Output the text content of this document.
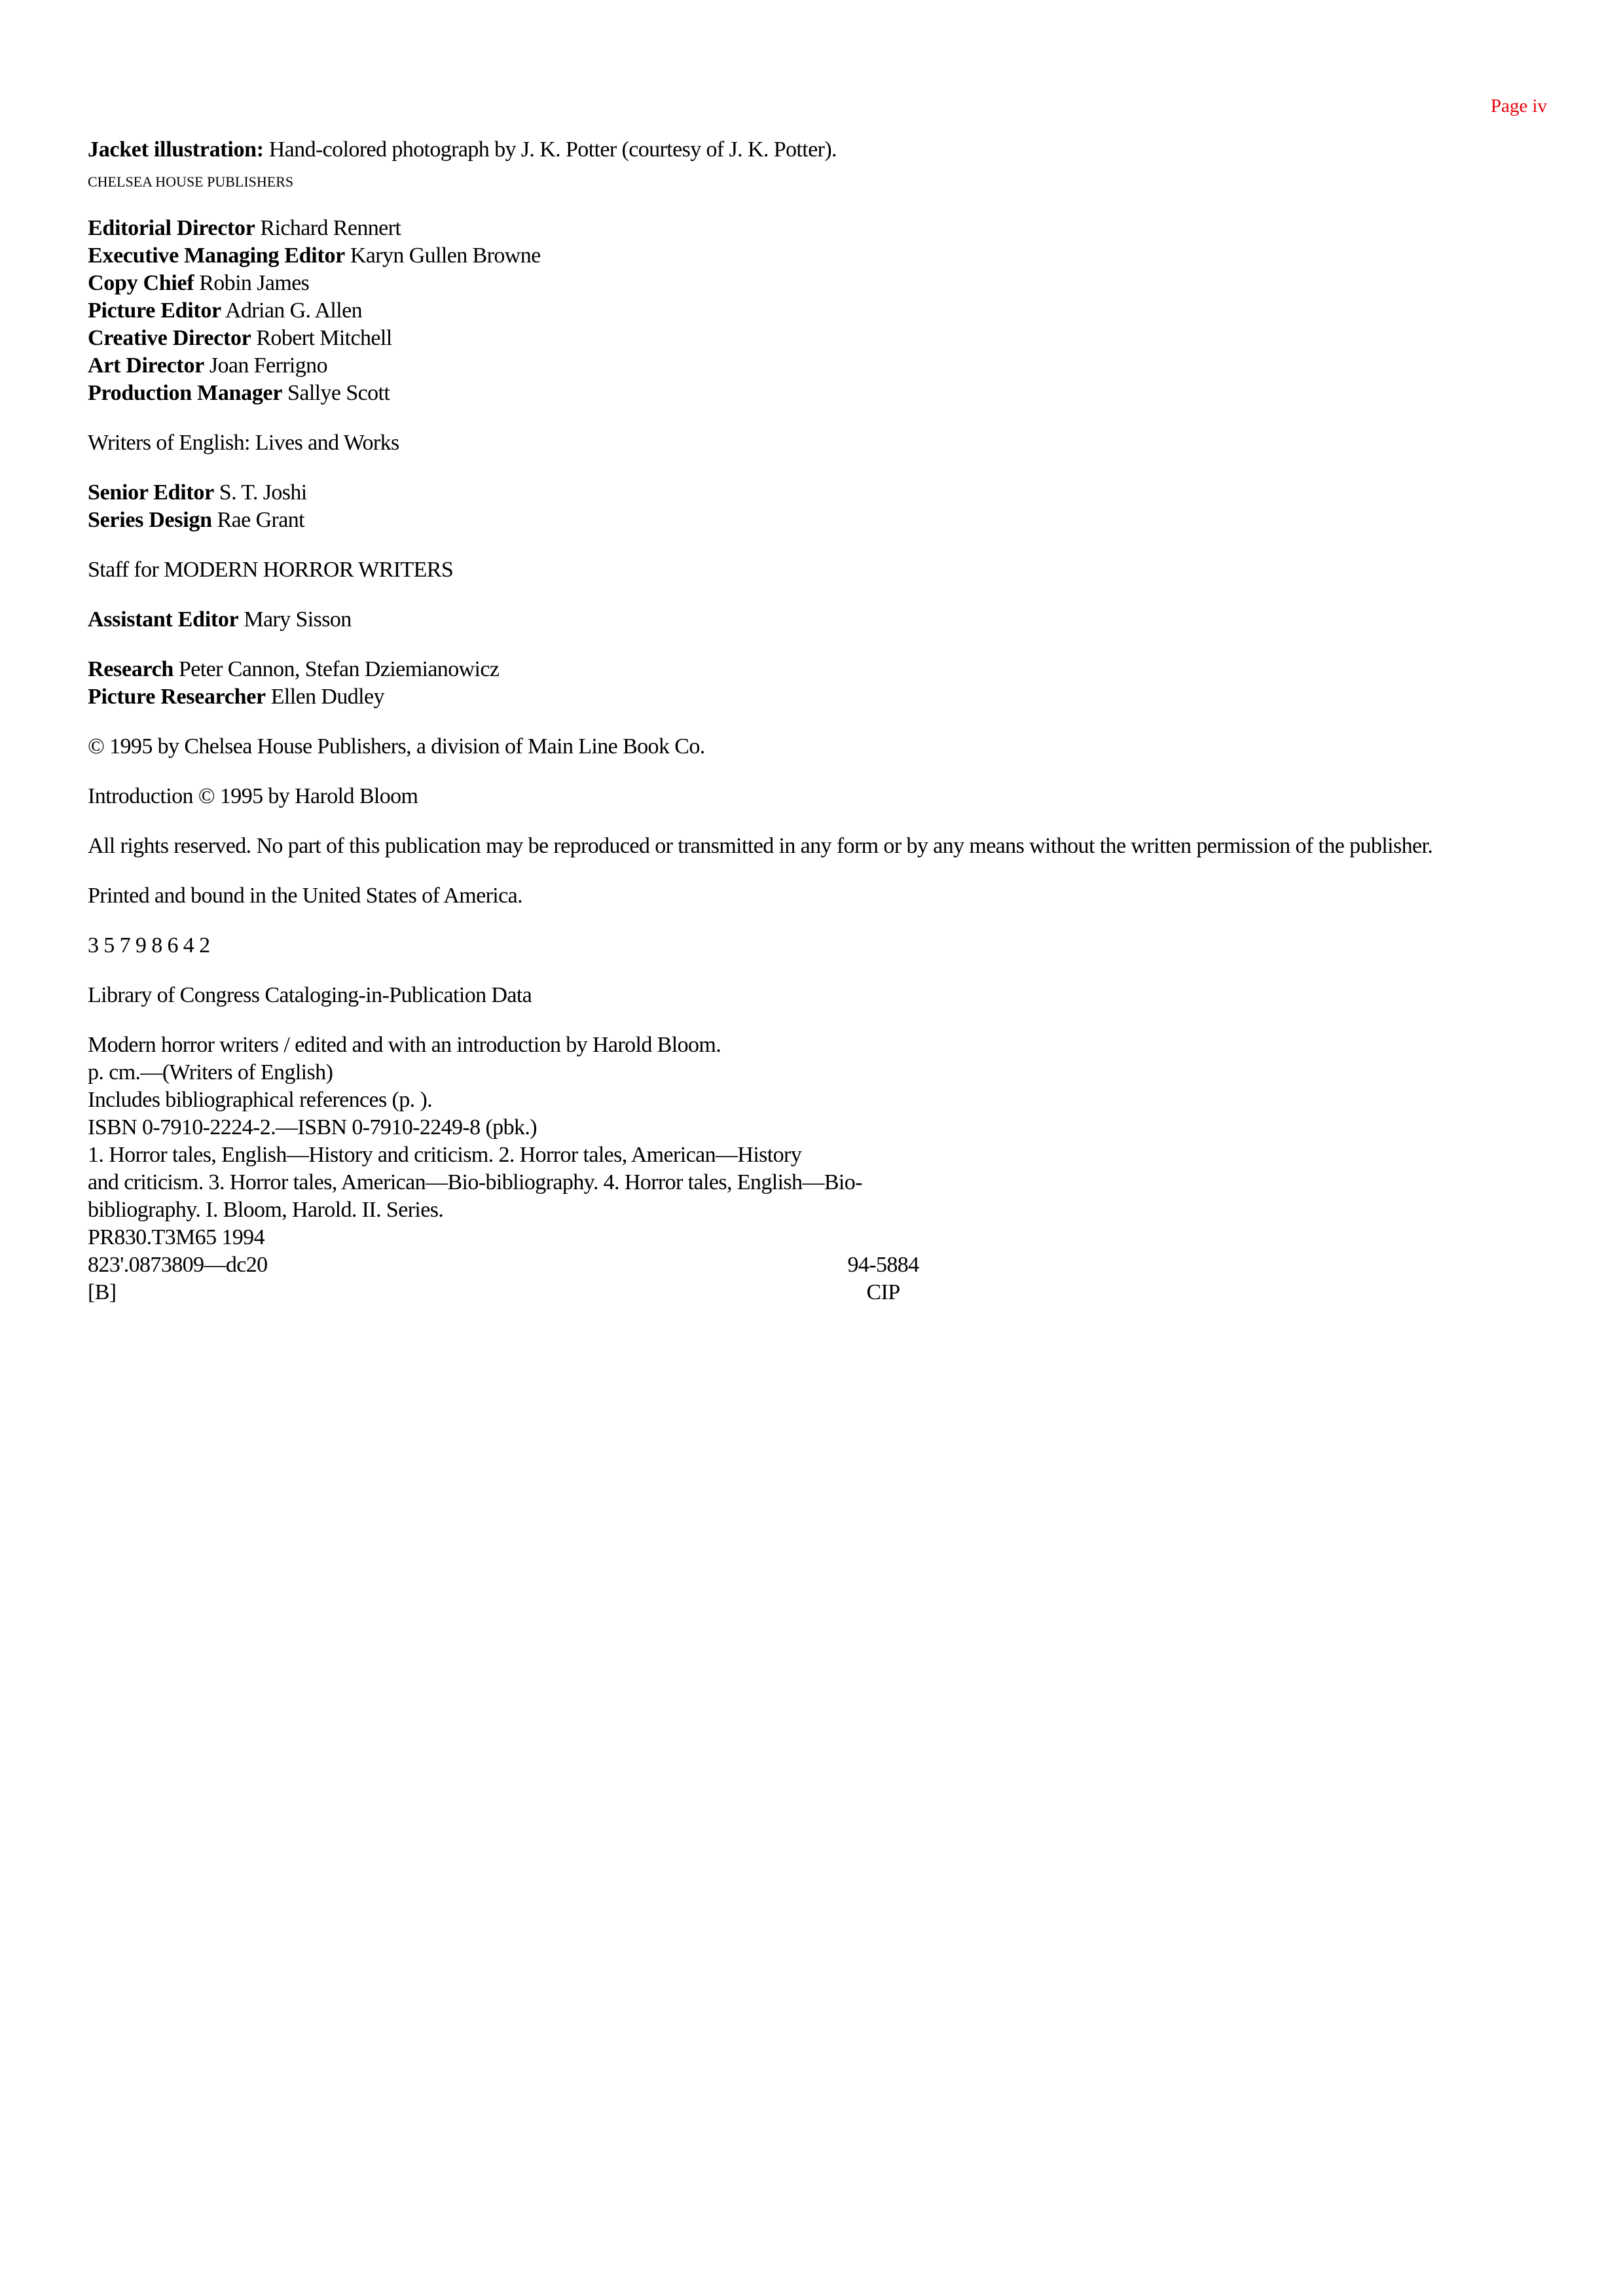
Page iv

Jacket illustration: Hand-colored photograph by J. K. Potter (courtesy of J. K. Potter).

CHELSEA HOUSE PUBLISHERS

Editorial Director Richard Rennert

Executive Managing Editor Karyn Gullen Browne

Copy Chief Robin James

Picture Editor Adrian G. Allen

Creative Director Robert Mitchell

Art Director Joan Ferrigno

Production Manager Sallye Scott

Writers of English: Lives and Works

Senior Editor S. T. Joshi

Series Design Rae Grant

Staff for MODERN HORROR WRITERS

Assistant Editor Mary Sisson

Research Peter Cannon, Stefan Dziemianowicz

Picture Researcher Ellen Dudley

© 1995 by Chelsea House Publishers, a division of Main Line Book Co.

Introduction © 1995 by Harold Bloom

All rights reserved. No part of this publication may be reproduced or transmitted in any form or by any means without the written permission of the publisher.

Printed and bound in the United States of America.

3 5 7 9 8 6 4 2

Library of Congress Cataloging-in-Publication Data

Modern horror writers / edited and with an introduction by Harold Bloom.

p. cm.—(Writers of English)

Includes bibliographical references (p. ).

ISBN 0-7910-2224-2.—ISBN 0-7910-2249-8 (pbk.)

1. Horror tales, English—History and criticism. 2. Horror tales, American—History

and criticism. 3. Horror tales, American—Bio-bibliography. 4. Horror tales, English—Bio-

bibliography. I. Bloom, Harold. II. Series.

PR830.T3M65 1994

823'.0873809—dc20	94-5884
[B]	CIP
